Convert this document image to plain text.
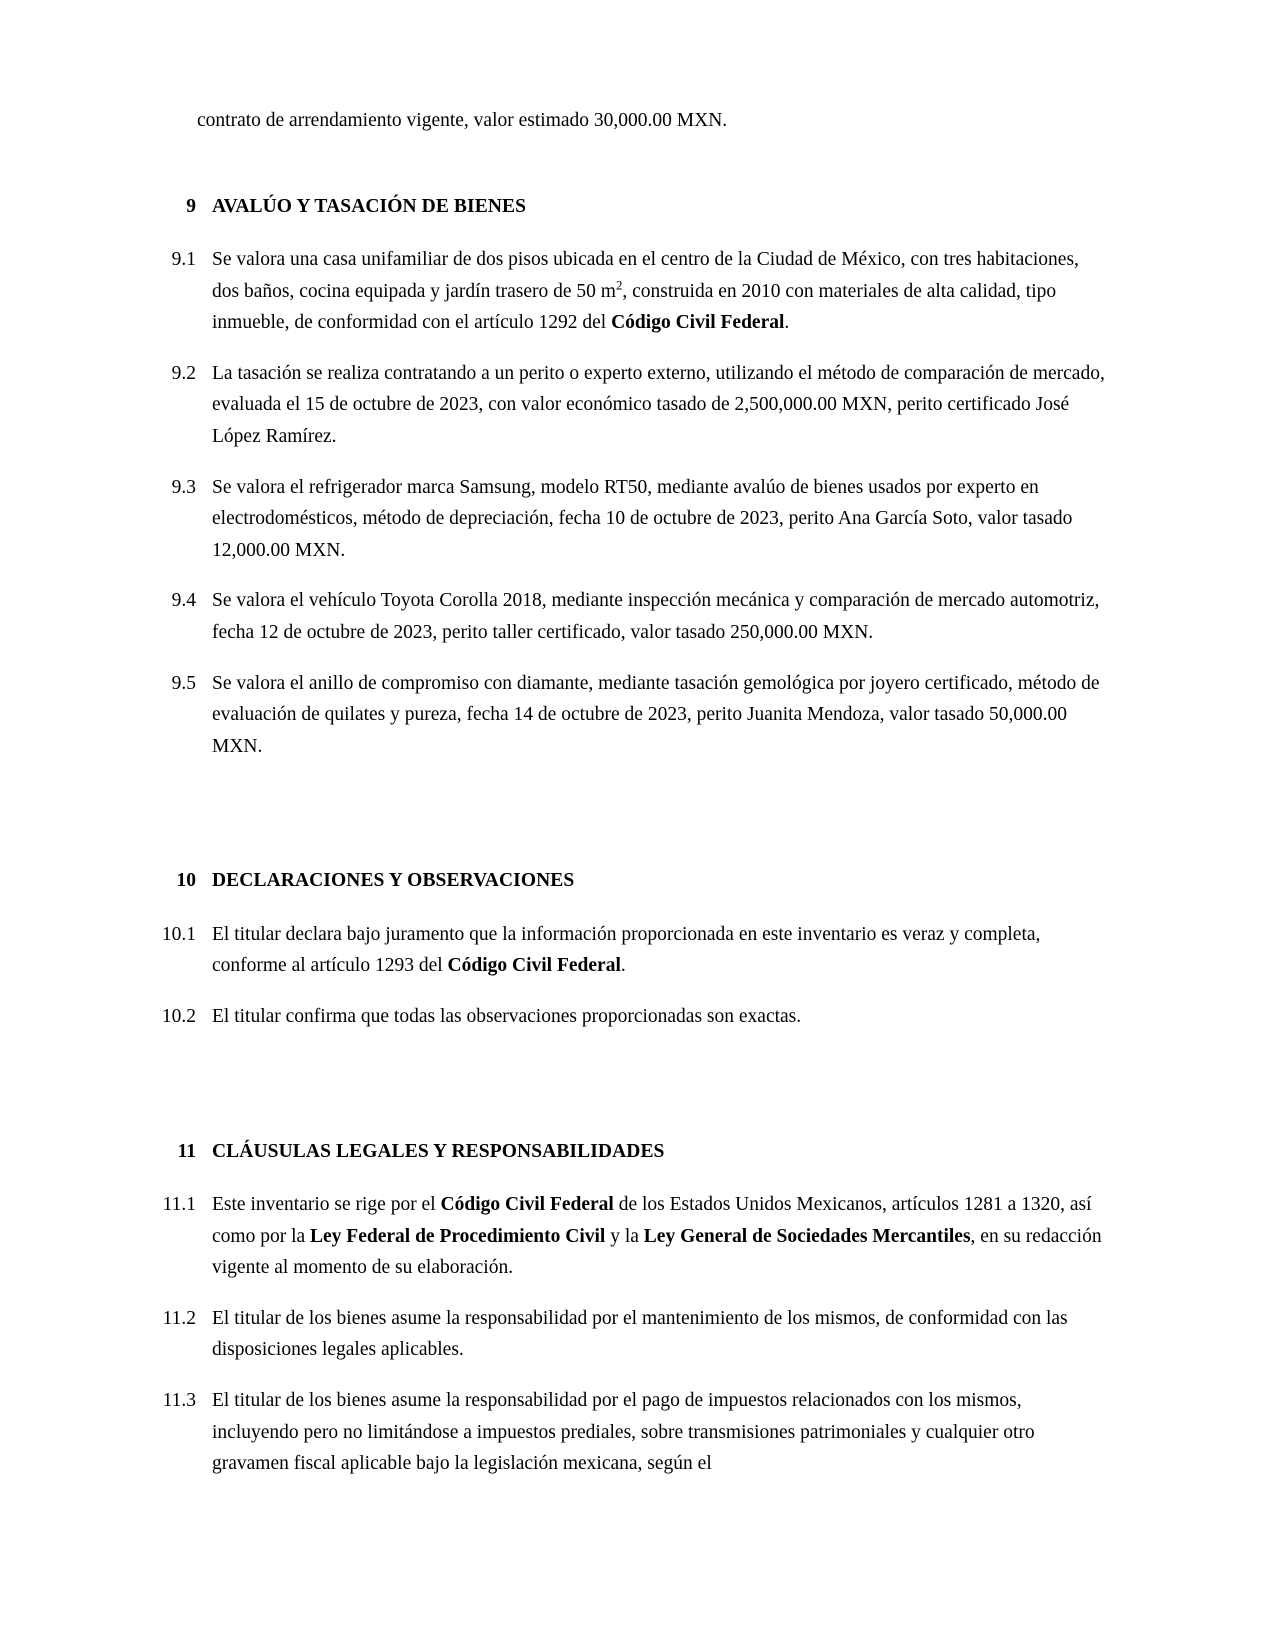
contrato de arrendamiento vigente, valor estimado 30,000.00 MXN.

9 AVALÚO Y TASACIÓN DE BIENES
9.1 Se valora una casa unifamiliar de dos pisos ubicada en el centro de la Ciudad de México, con tres habitaciones, dos baños, cocina equipada y jardín trasero de 50 $m^2$, construida en 2010 con materiales de alta calidad, tipo inmueble, de conformidad con el artículo 1292 del Código Civil Federal.
9.2 La tasación se realiza contratando a un perito o experto externo, utilizando el método de comparación de mercado, evaluada el 15 de octubre de 2023, con valor económico tasado de 2,500,000.00 MXN, perito certificado José López Ramírez.
9.3 Se valora el refrigerador marca Samsung, modelo RT50, mediante avalúo de bienes usados por experto en electrodomésticos, método de depreciación, fecha 10 de octubre de 2023, perito Ana García Soto, valor tasado 12,000.00 MXN.
9.4 Se valora el vehículo Toyota Corolla 2018, mediante inspección mecánica y comparación de mercado automotriz, fecha 12 de octubre de 2023, perito taller certificado, valor tasado 250,000.00 MXN.
9.5 Se valora el anillo de compromiso con diamante, mediante tasación gemológica por joyero certificado, método de evaluación de quilates y pureza, fecha 14 de octubre de 2023, perito Juanita Mendoza, valor tasado 50,000.00 MXN.
10 DECLARACIONES Y OBSERVACIONES
10.1 El titular declara bajo juramento que la información proporcionada en este inventario es veraz y completa, conforme al artículo 1293 del Código Civil Federal.
10.2 El titular confirma que todas las observaciones proporcionadas son exactas.
11 CLÁUSULAS LEGALES Y RESPONSABILIDADES
11.1 Este inventario se rige por el Código Civil Federal de los Estados Unidos Mexicanos, artículos 1281 a 1320, así como por la Ley Federal de Procedimiento Civil y la Ley General de Sociedades Mercantiles, en su redacción vigente al momento de su elaboración.
11.2 El titular de los bienes asume la responsabilidad por el mantenimiento de los mismos, de conformidad con las disposiciones legales aplicables.
11.3 El titular de los bienes asume la responsabilidad por el pago de impuestos relacionados con los mismos, incluyendo pero no limitándose a impuestos prediales, sobre transmisiones patrimoniales y cualquier otro gravamen fiscal aplicable bajo la legislación mexicana, según el
